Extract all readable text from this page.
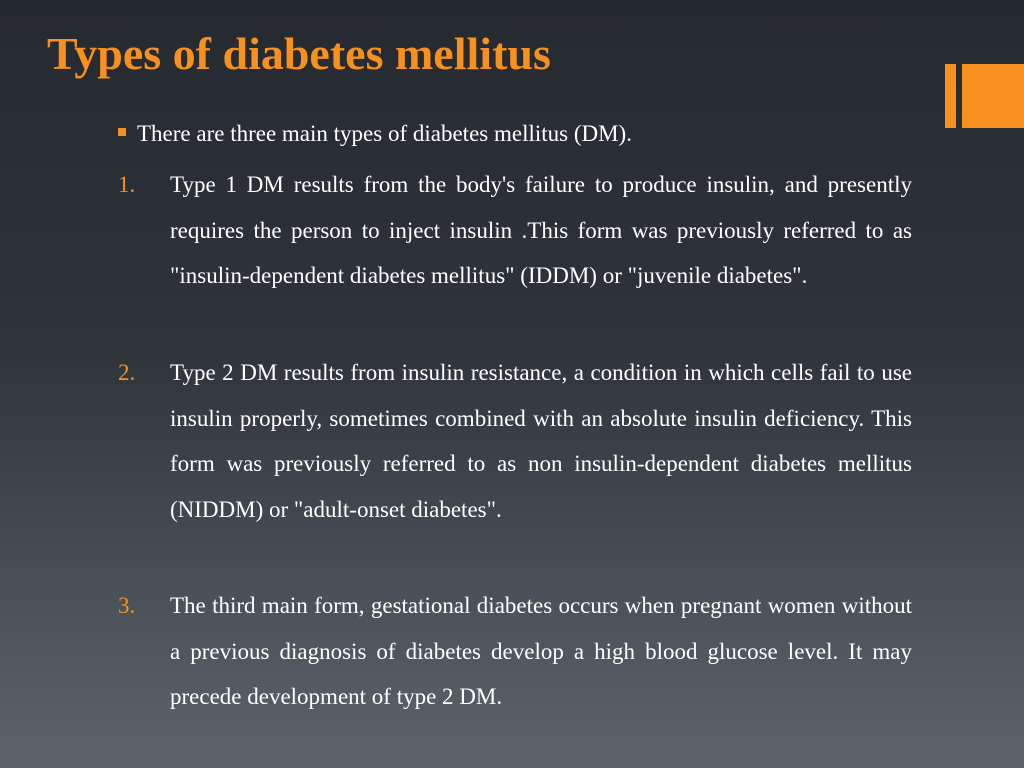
Types of diabetes mellitus
There are three main types of diabetes mellitus (DM).
1. Type 1 DM results from the body's failure to produce insulin, and presently requires the person to inject insulin .This form was previously referred to as "insulin-dependent diabetes mellitus" (IDDM) or "juvenile diabetes".
2. Type 2 DM results from insulin resistance, a condition in which cells fail to use insulin properly, sometimes combined with an absolute insulin deficiency. This form was previously referred to as non insulin-dependent diabetes mellitus (NIDDM) or "adult-onset diabetes".
3. The third main form, gestational diabetes occurs when pregnant women without a previous diagnosis of diabetes develop a high blood glucose level. It may precede development of type 2 DM.
